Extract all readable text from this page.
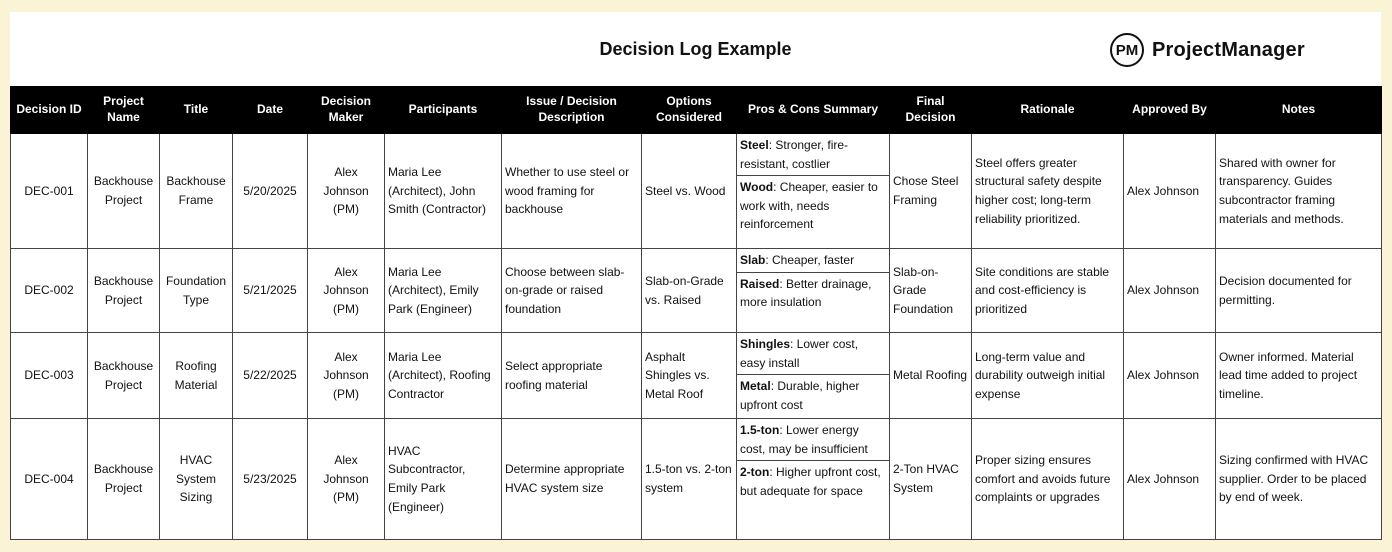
Decision Log Example	PM ProjectManager
Decision ID	Project Name	Title	Date	Decision Maker	Participants	Issue / Decision Description	Options Considered	Pros & Cons Summary	Final Decision	Rationale	Approved By	Notes
DEC-001	Backhouse Project	Backhouse Frame	5/20/2025	Alex Johnson (PM)	Maria Lee (Architect), John Smith (Contractor)	Whether to use steel or wood framing for backhouse	Steel vs. Wood	Steel: Stronger, fire-resistant, costlier
Wood: Cheaper, easier to work with, needs reinforcement	Chose Steel Framing	Steel offers greater structural safety despite higher cost; long-term reliability prioritized.	Alex Johnson	Shared with owner for transparency. Guides subcontractor framing materials and methods.
DEC-002	Backhouse Project	Foundation Type	5/21/2025	Alex Johnson (PM)	Maria Lee (Architect), Emily Park (Engineer)	Choose between slab-on-grade or raised foundation	Slab-on-Grade vs. Raised	Slab: Cheaper, faster
Raised: Better drainage, more insulation	Slab-on-Grade Foundation	Site conditions are stable and cost-efficiency is prioritized	Alex Johnson	Decision documented for permitting.
DEC-003	Backhouse Project	Roofing Material	5/22/2025	Alex Johnson (PM)	Maria Lee (Architect), Roofing Contractor	Select appropriate roofing material	Asphalt Shingles vs. Metal Roof	Shingles: Lower cost, easy install
Metal: Durable, higher upfront cost	Metal Roofing	Long-term value and durability outweigh initial expense	Alex Johnson	Owner informed. Material lead time added to project timeline.
DEC-004	Backhouse Project	HVAC System Sizing	5/23/2025	Alex Johnson (PM)	HVAC Subcontractor, Emily Park (Engineer)	Determine appropriate HVAC system size	1.5-ton vs. 2-ton system	1.5-ton: Lower energy cost, may be insufficient
2-ton: Higher upfront cost, but adequate for space	2-Ton HVAC System	Proper sizing ensures comfort and avoids future complaints or upgrades	Alex Johnson	Sizing confirmed with HVAC supplier. Order to be placed by end of week.
